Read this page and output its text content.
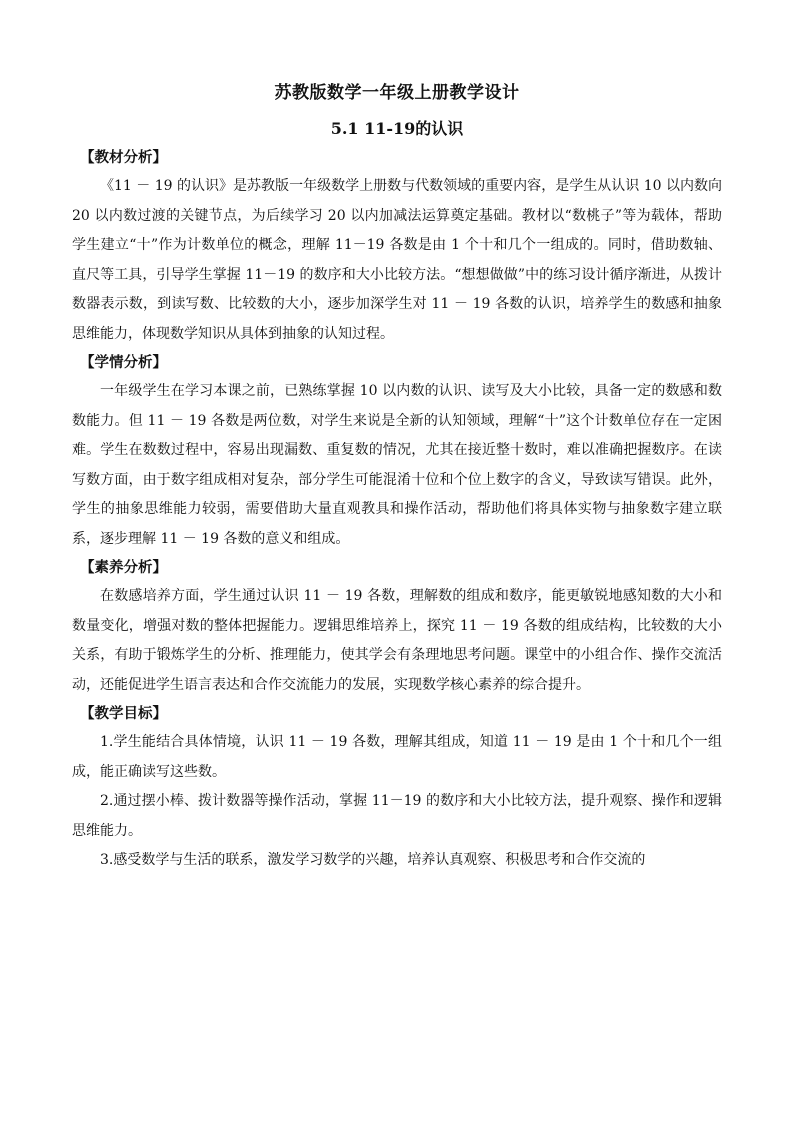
苏教版数学一年级上册教学设计
5.1 11-19的认识
【教材分析】

《11 － 19 的认识》是苏教版一年级数学上册数与代数领域的重要内容，是学生从认识 10 以内数向 20 以内数过渡的关键节点，为后续学习 20 以内加减法运算奠定基础。教材以“数桃子”等为载体，帮助学生建立“十”作为计数单位的概念，理解 11－19 各数是由 1 个十和几个一组成的。同时，借助数轴、直尺等工具，引导学生掌握 11－19 的数序和大小比较方法。“想想做做”中的练习设计循序渐进，从拨计数器表示数，到读写数、比较数的大小，逐步加深学生对 11 － 19 各数的认识，培养学生的数感和抽象思维能力，体现数学知识从具体到抽象的认知过程。

【学情分析】

一年级学生在学习本课之前，已熟练掌握 10 以内数的认识、读写及大小比较，具备一定的数感和数数能力。但 11 － 19 各数是两位数，对学生来说是全新的认知领域，理解“十”这个计数单位存在一定困难。学生在数数过程中，容易出现漏数、重复数的情况，尤其在接近整十数时，难以准确把握数序。在读写数方面，由于数字组成相对复杂，部分学生可能混淆十位和个位上数字的含义，导致读写错误。此外，学生的抽象思维能力较弱，需要借助大量直观教具和操作活动，帮助他们将具体实物与抽象数字建立联系，逐步理解 11 － 19 各数的意义和组成。

【素养分析】

在数感培养方面，学生通过认识 11 － 19 各数，理解数的组成和数序，能更敏锐地感知数的大小和数量变化，增强对数的整体把握能力。逻辑思维培养上，探究 11 － 19 各数的组成结构，比较数的大小关系，有助于锻炼学生的分析、推理能力，使其学会有条理地思考问题。课堂中的小组合作、操作交流活动，还能促进学生语言表达和合作交流能力的发展，实现数学核心素养的综合提升。

【教学目标】

1.学生能结合具体情境，认识 11 － 19 各数，理解其组成，知道 11 － 19 是由 1 个十和几个一组成，能正确读写这些数。

2.通过摆小棒、拨计数器等操作活动，掌握 11－19 的数序和大小比较方法，提升观察、操作和逻辑思维能力。

3.感受数学与生活的联系，激发学习数学的兴趣，培养认真观察、积极思考和合作交流的
